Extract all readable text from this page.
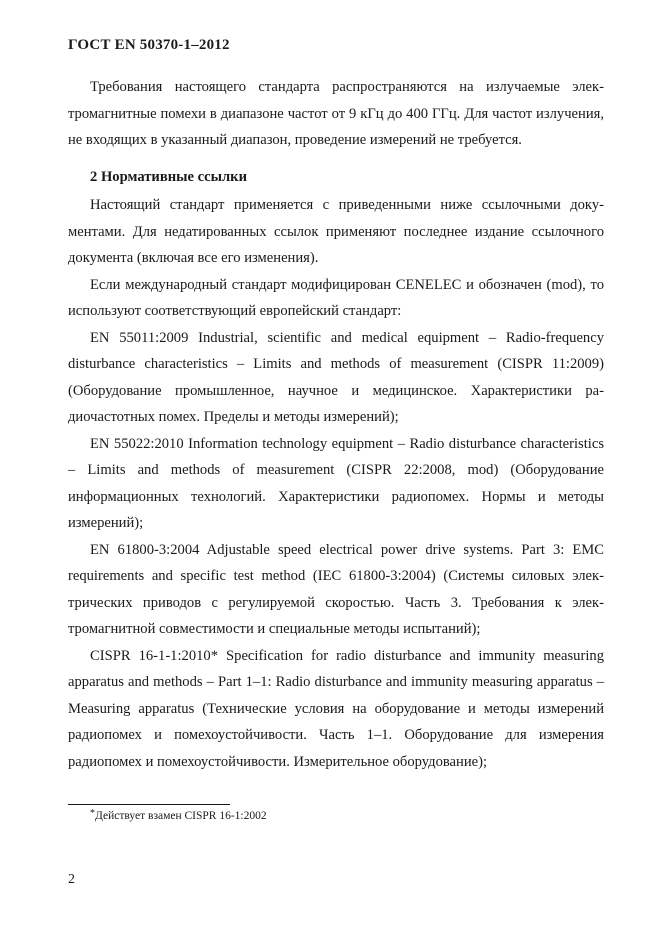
ГОСТ EN 50370-1–2012

Требования настоящего стандарта распространяются на излучаемые электромагнитные помехи в диапазоне частот от 9 кГц до 400 ГГц. Для частот излучения, не входящих в указанный диапазон, проведение измерений не требуется.

2 Нормативные ссылки

Настоящий стандарт применяется с приведенными ниже ссылочными документами. Для недатированных ссылок применяют последнее издание ссылочного документа (включая все его изменения).

Если международный стандарт модифицирован CENELEC и обозначен (mod), то используют соответствующий европейский стандарт:

EN 55011:2009 Industrial, scientific and medical equipment – Radio-frequency disturbance characteristics – Limits and methods of measurement (CISPR 11:2009) (Оборудование промышленное, научное и медицинское. Характеристики радиочастотных помех. Пределы и методы измерений);

EN 55022:2010 Information technology equipment – Radio disturbance characteristics – Limits and methods of measurement (CISPR 22:2008, mod) (Оборудование информационных технологий. Характеристики радиопомех. Нормы и методы измерений);

EN 61800-3:2004 Adjustable speed electrical power drive systems. Part 3: EMC requirements and specific test method (IEC 61800-3:2004) (Системы силовых электрических приводов с регулируемой скоростью. Часть 3. Требования к электромагнитной совместимости и специальные методы испытаний);

CISPR 16-1-1:2010* Specification for radio disturbance and immunity measuring apparatus and methods – Part 1–1: Radio disturbance and immunity measuring apparatus – Measuring apparatus (Технические условия на оборудование и методы измерений радиопомех и помехоустойчивости. Часть 1–1. Оборудование для измерения радиопомех и помехоустойчивости. Измерительное оборудование);

*Действует взамен CISPR 16-1:2002
2
